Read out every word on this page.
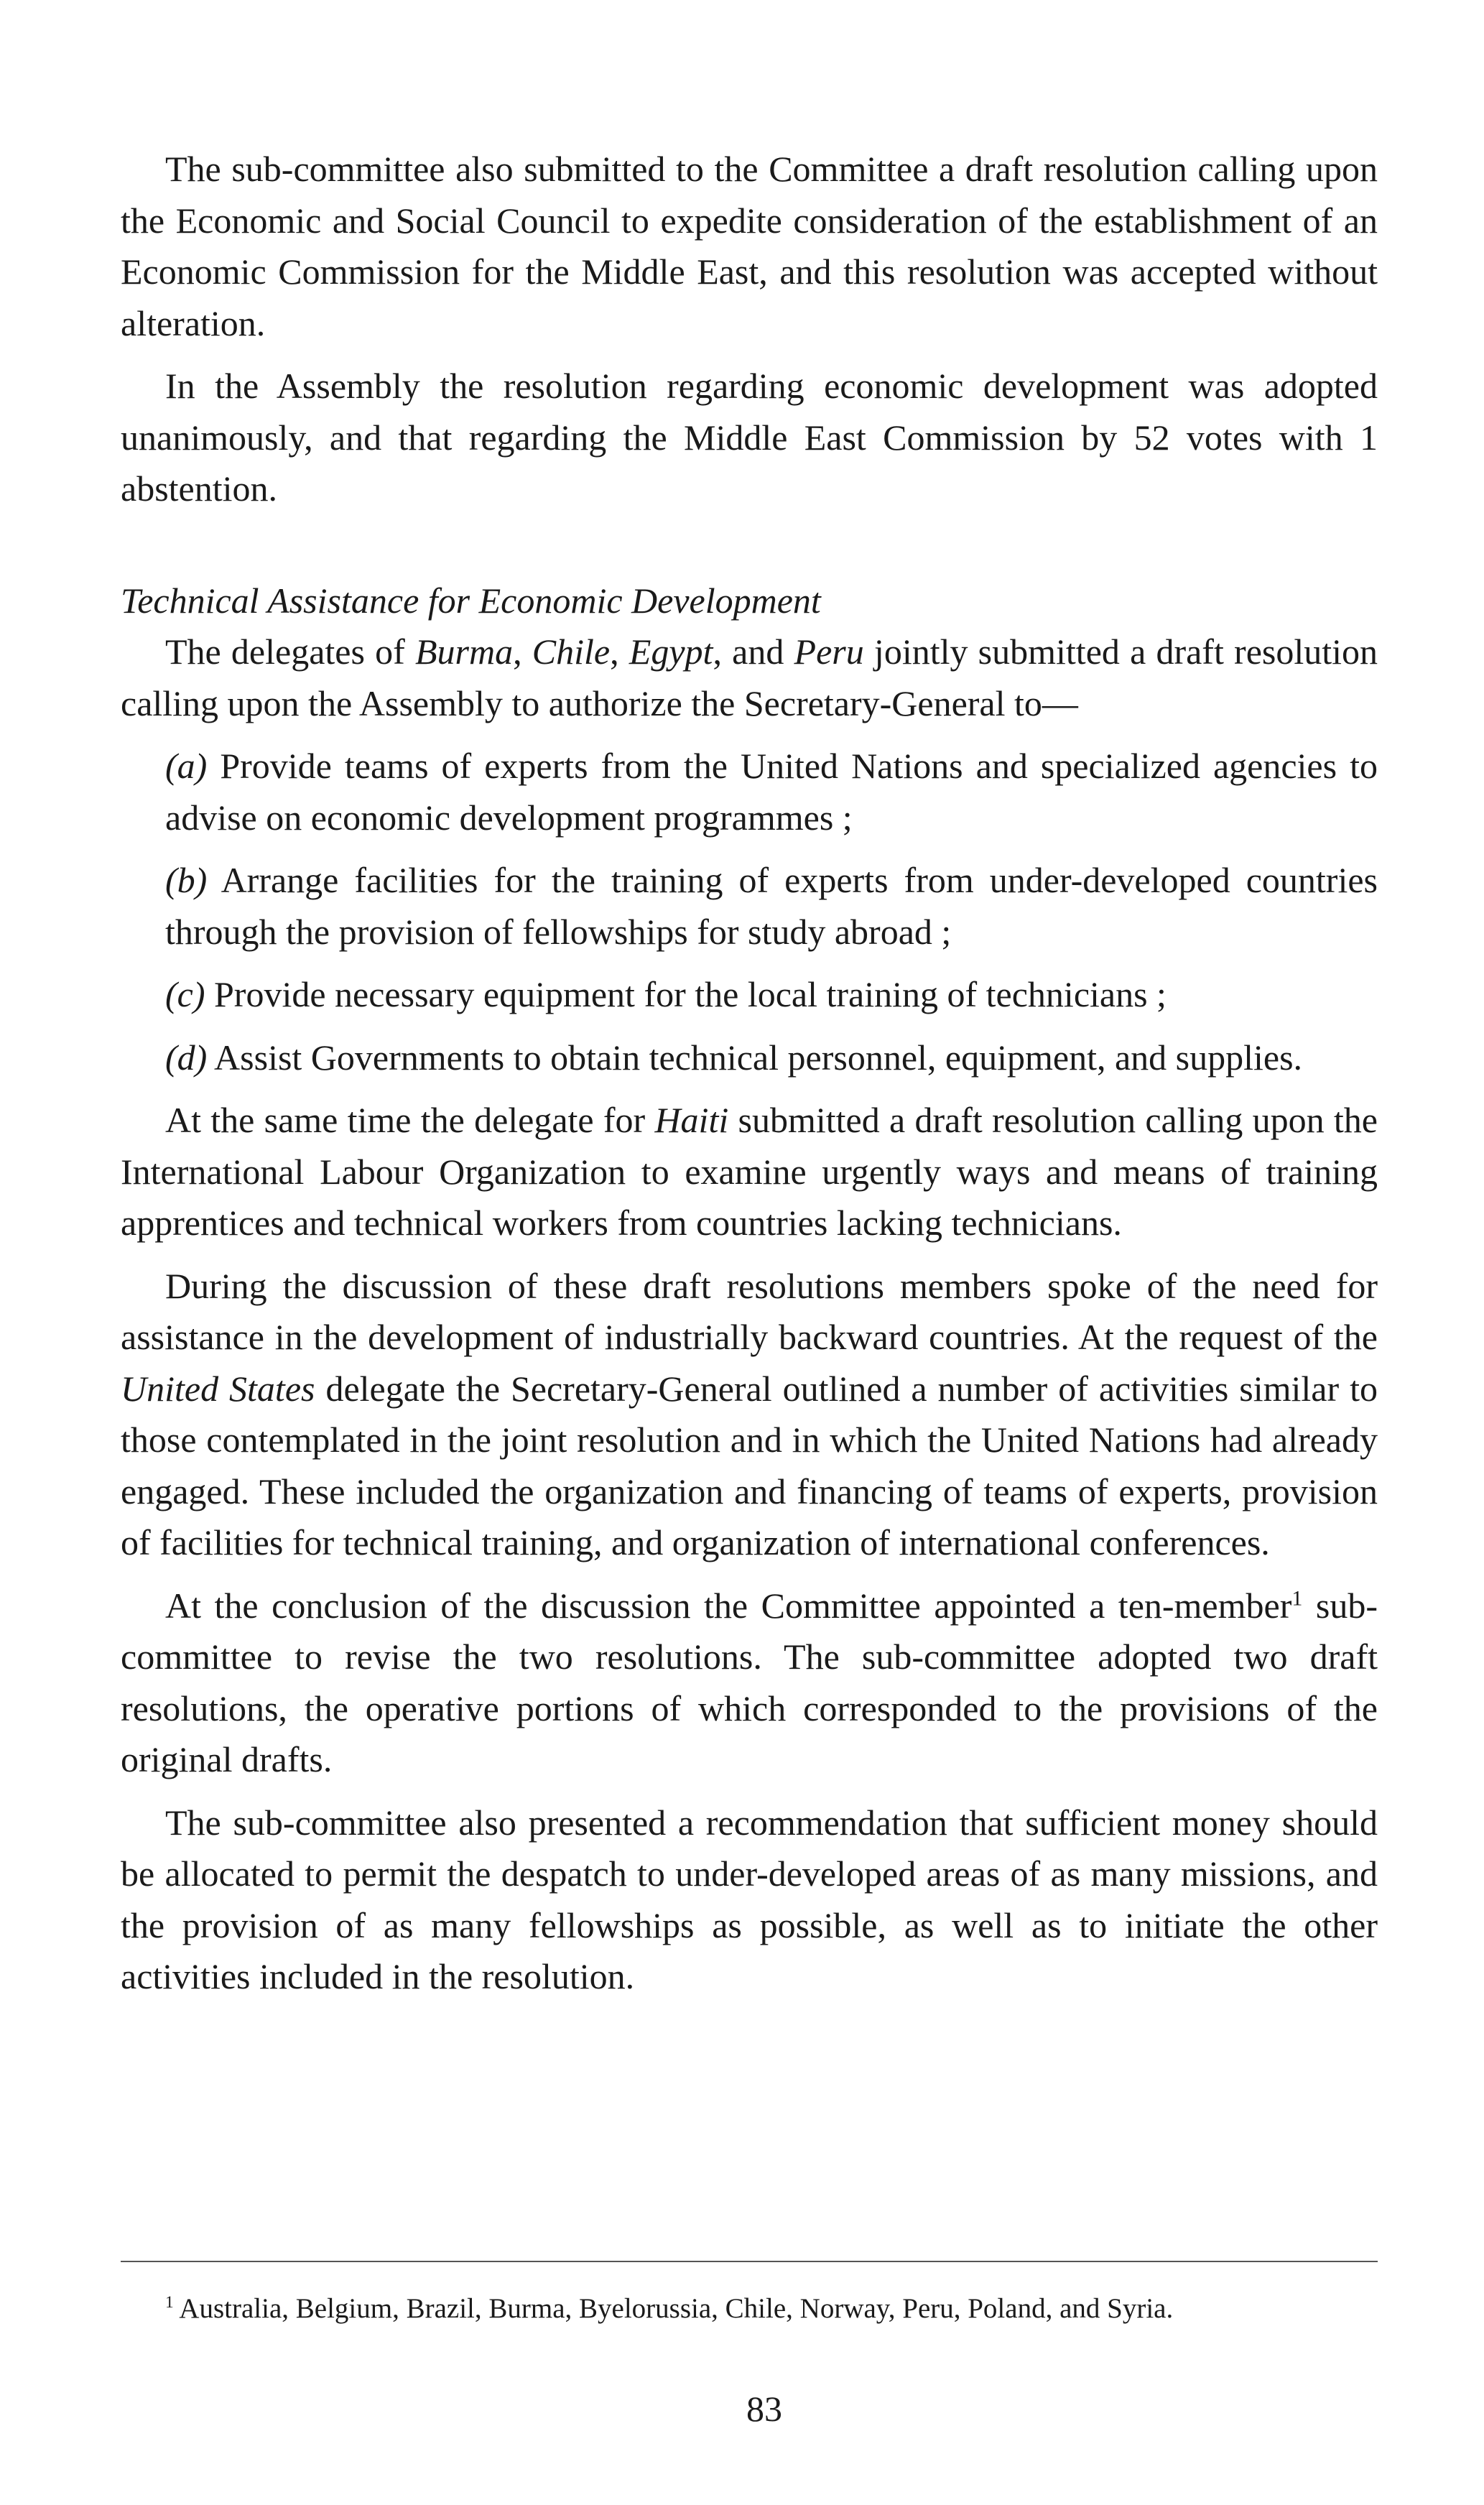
The sub-committee also submitted to the Committee a draft resolution calling upon the Economic and Social Council to expedite consideration of the establishment of an Economic Commission for the Middle East, and this resolution was accepted without alteration.

In the Assembly the resolution regarding economic development was adopted unanimously, and that regarding the Middle East Commission by 52 votes with 1 abstention.

Technical Assistance for Economic Development

The delegates of Burma, Chile, Egypt, and Peru jointly submitted a draft resolution calling upon the Assembly to authorize the Secretary-General to—

(a) Provide teams of experts from the United Nations and specialized agencies to advise on economic development programmes ;

(b) Arrange facilities for the training of experts from under-developed countries through the provision of fellowships for study abroad ;

(c) Provide necessary equipment for the local training of technicians ;

(d) Assist Governments to obtain technical personnel, equipment, and supplies.

At the same time the delegate for Haiti submitted a draft resolution calling upon the International Labour Organization to examine urgently ways and means of training apprentices and technical workers from countries lacking technicians.

During the discussion of these draft resolutions members spoke of the need for assistance in the development of industrially backward countries. At the request of the United States delegate the Secretary-General outlined a number of activities similar to those contemplated in the joint resolution and in which the United Nations had already engaged. These included the organization and financing of teams of experts, provision of facilities for technical training, and organization of international conferences.

At the conclusion of the discussion the Committee appointed a ten-member$^1$ sub-committee to revise the two resolutions. The sub-committee adopted two draft resolutions, the operative portions of which corresponded to the provisions of the original drafts.

The sub-committee also presented a recommendation that sufficient money should be allocated to permit the despatch to under-developed areas of as many missions, and the provision of as many fellowships as possible, as well as to initiate the other activities included in the resolution.

$^1$ Australia, Belgium, Brazil, Burma, Byelorussia, Chile, Norway, Peru, Poland, and Syria.

83
